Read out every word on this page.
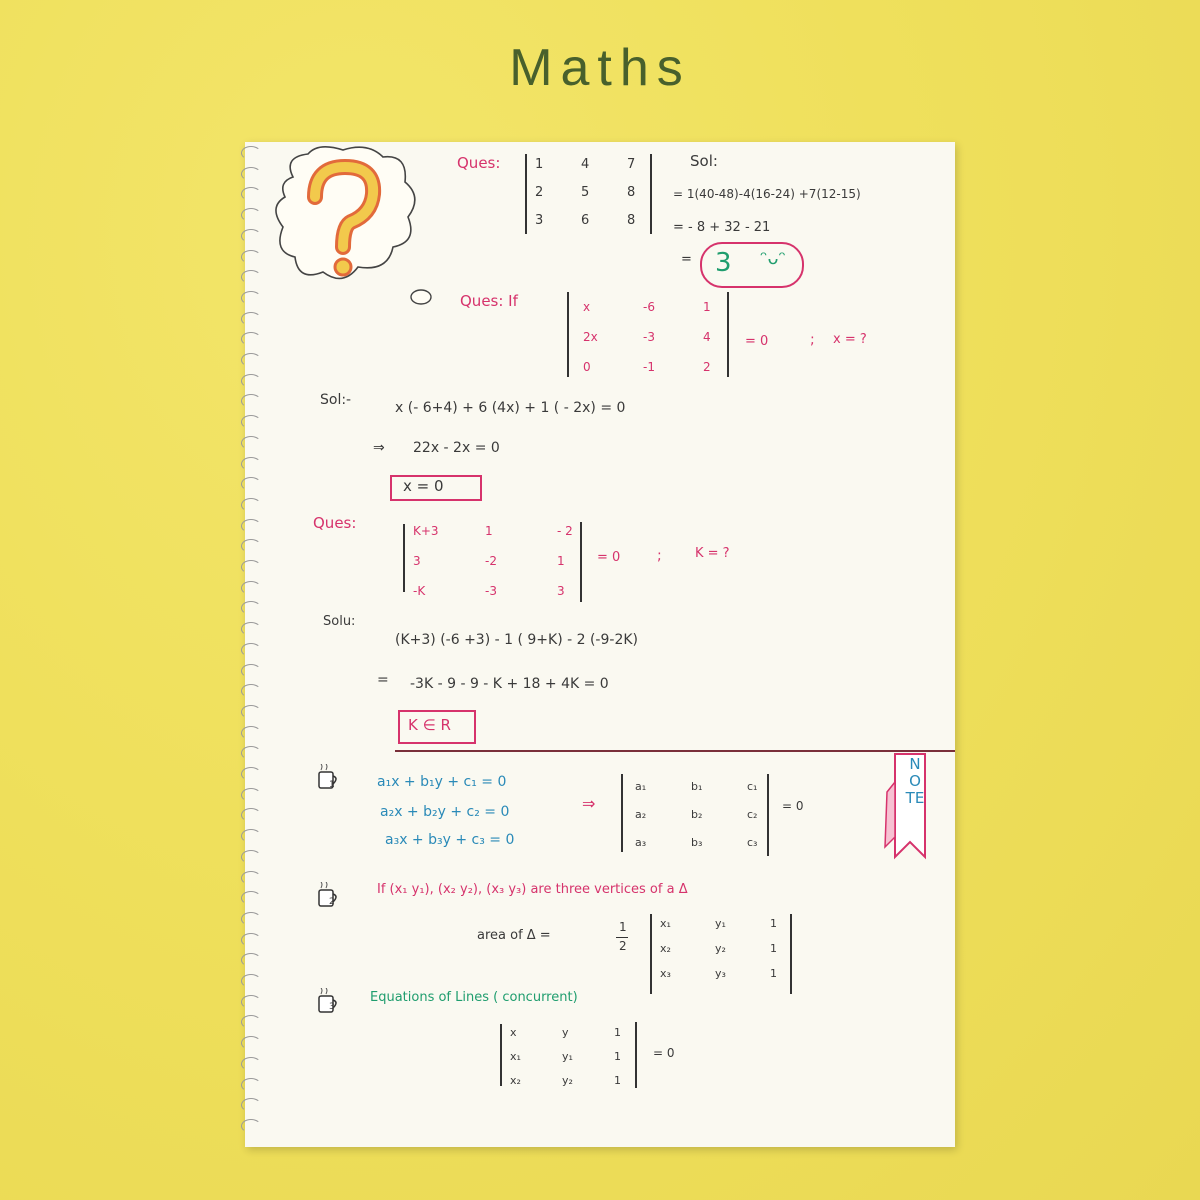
Maths
Ques:	1	4	7
2	5	8
3	6	8
Sol:
= 1(40-48)-4(16-24) +7(12-15)
= - 8 + 32 - 21
= 3 ᵔᴗᵔ
Ques: If	x	-6	1
2x	-3	4
0	-1	2
= 0	; x = ?
Sol:-	x (- 6+4) + 6 (4x) + 1 ( - 2x) = 0
⇒ 22x - 2x = 0
x = 0
Ques:	K+3	1	- 2
3	-2	1
-K	-3	3
= 0	;	K = ?
Solu:
(K+3) (-6 +3) - 1 ( 9+K) - 2 (-9-2K)
= -3K - 9 - 9 - K + 18 + 4K = 0
K ∈ R
NOTE
1	a₁x + b₁y + c₁ = 0
a₂x + b₂y + c₂ = 0
a₃x + b₃y + c₃ = 0
⇒
a₁	b₁	c₁
a₂	b₂	c₂
a₃	b₃	c₃
= 0
2
If (x₁ y₁), (x₂ y₂), (x₃ y₃) are three vertices of a Δ
area of Δ =
1
2
x₁	y₁	1
x₂	y₂	1
x₃	y₃	1
3
Equations of Lines ( concurrent)
x	y	1
x₁	y₁	1
x₂	y₂	1
= 0
